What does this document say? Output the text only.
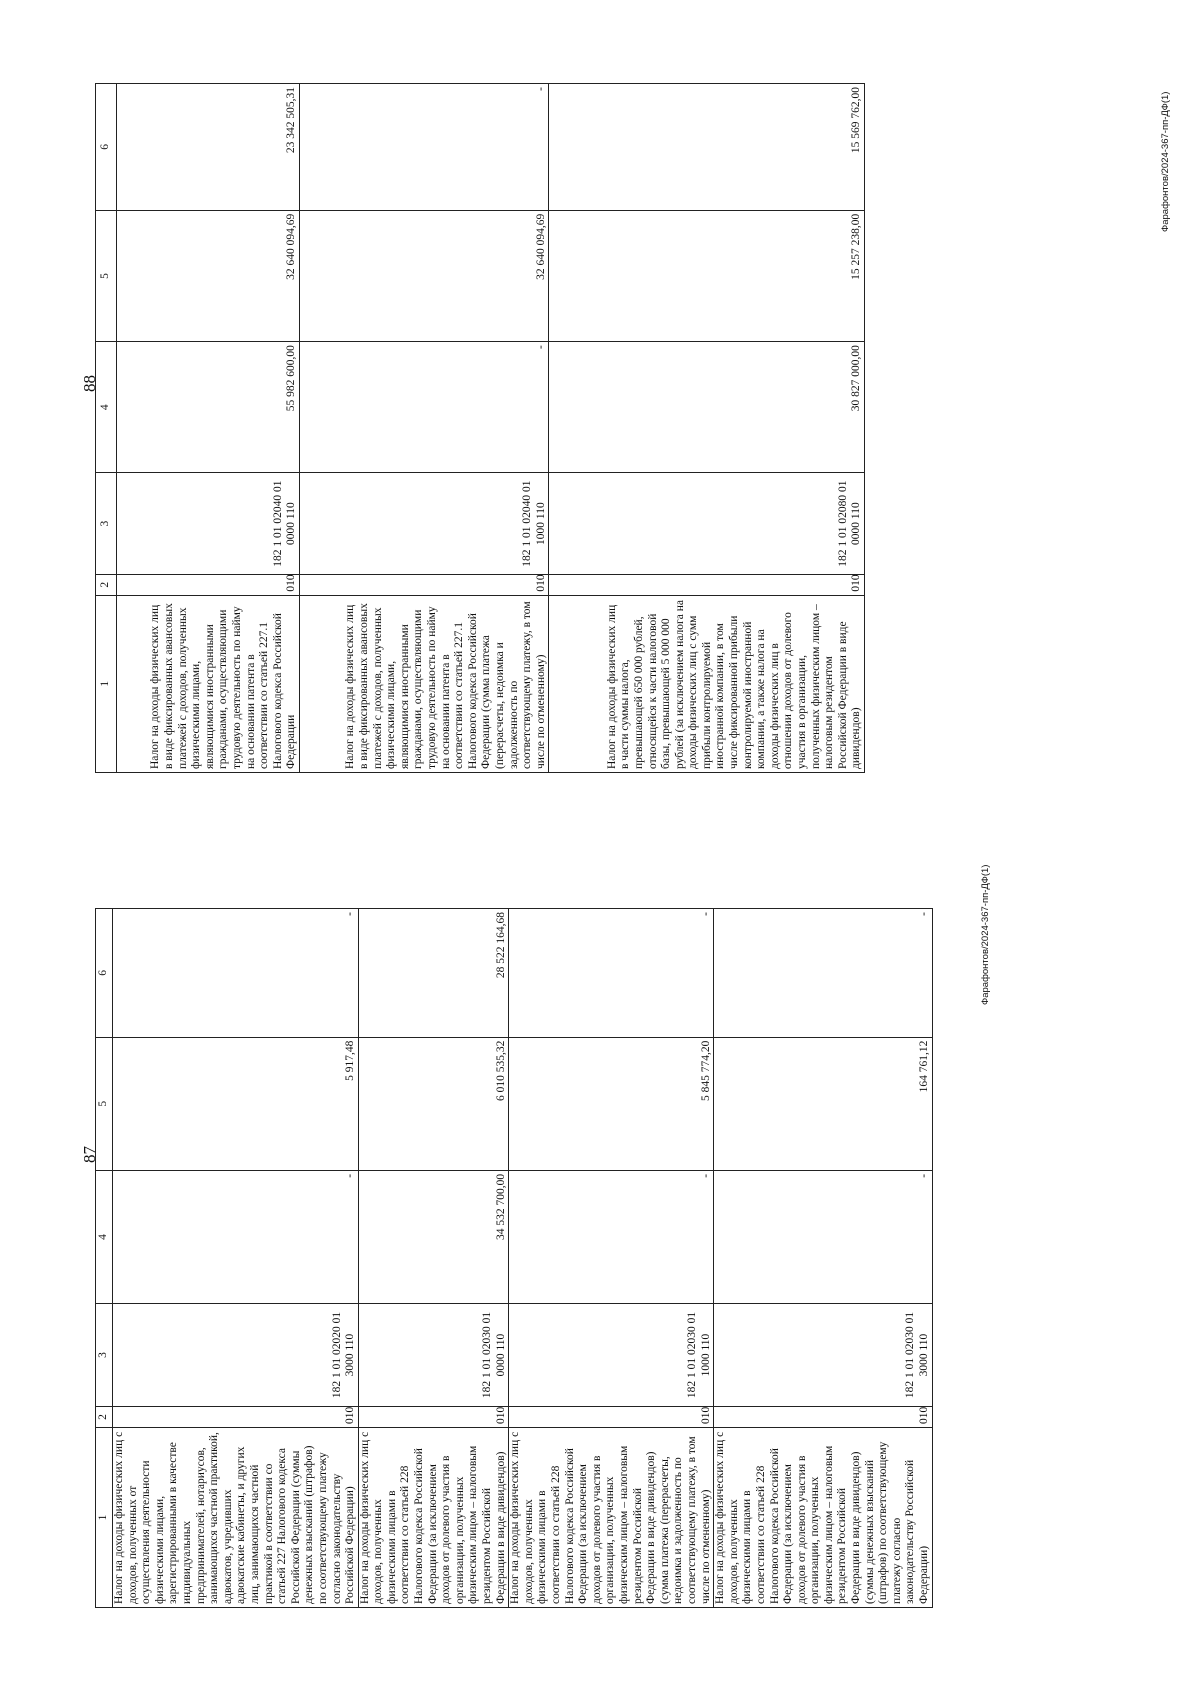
87
1	2	3	4	5	6
Налог на доходы физических лиц с доходов, полученных от осуществления деятельности физическими лицами, зарегистрированными в качестве индивидуальных предпринимателей, нотариусов, занимающихся частной практикой, адвокатов, учредивших адвокатские кабинеты, и других лиц, занимающихся частной практикой в соответствии со статьей 227 Налогового кодекса Российской Федерации (суммы денежных взысканий (штрафов) по соответствующему платежу согласно законодательству Российской Федерации)	010	182 1 01 02020 01 3000 110	-	5 917,48	-
Налог на доходы физических лиц с доходов, полученных физическими лицами в соответствии со статьей 228 Налогового кодекса Российской Федерации (за исключением доходов от долевого участия в организации, полученных физическим лицом – налоговым резидентом Российской Федерации в виде дивидендов)	010	182 1 01 02030 01 0000 110	34 532 700,00	6 010 535,32	28 522 164,68
Налог на доходы физических лиц с доходов, полученных физическими лицами в соответствии со статьей 228 Налогового кодекса Российской Федерации (за исключением доходов от долевого участия в организации, полученных физическим лицом – налоговым резидентом Российской Федерации в виде дивидендов) (сумма платежа (перерасчеты, недоимка и задолженность по соответствующему платежу, в том числе по отмененному)	010	182 1 01 02030 01 1000 110	-	5 845 774,20	-
Налог на доходы физических лиц с доходов, полученных физическими лицами в соответствии со статьей 228 Налогового кодекса Российской Федерации (за исключением доходов от долевого участия в организации, полученных физическим лицом – налоговым резидентом Российской Федерации в виде дивидендов) (суммы денежных взысканий (штрафов) по соответствующему платежу согласно законодательству Российской Федерации)	010	182 1 01 02030 01 3000 110	-	164 761,12	-	Фарафонтов/2024-367-пп-ДФ(1)
88
1	2	3	4	5	6
Налог на доходы физических лиц в виде фиксированных авансовых платежей с доходов, полученных физическими лицами, являющимися иностранными гражданами, осуществляющими трудовую деятельность по найму на основании патента в соответствии со статьей 227.1 Налогового кодекса Российской Федерации	010	182 1 01 02040 01 0000 110	55 982 600,00	32 640 094,69	23 342 505,31
Налог на доходы физических лиц в виде фиксированных авансовых платежей с доходов, полученных физическими лицами, являющимися иностранными гражданами, осуществляющими трудовую деятельность по найму на основании патента в соответствии со статьей 227.1 Налогового кодекса Российской Федерации (сумма платежа (перерасчеты, недоимка и задолженность по соответствующему платежу, в том числе по отмененному)	010	182 1 01 02040 01 1000 110	-	32 640 094,69	-
Налог на доходы физических лиц в части суммы налога, превышающей 650 000 рублей, относящейся к части налоговой базы, превышающей 5 000 000 рублей (за исключением налога на доходы физических лиц с сумм прибыли контролируемой иностранной компании, в том числе фиксированной прибыли контролируемой иностранной компании, а также налога на доходы физических лиц в отношении доходов от долевого участия в организации, полученных физическим лицом – налоговым резидентом Российской Федерации в виде дивидендов)	010	182 1 01 02080 01 0000 110	30 827 000,00	15 257 238,00	15 569 762,00	Фарафонтов/2024-367-пп-ДФ(1)
